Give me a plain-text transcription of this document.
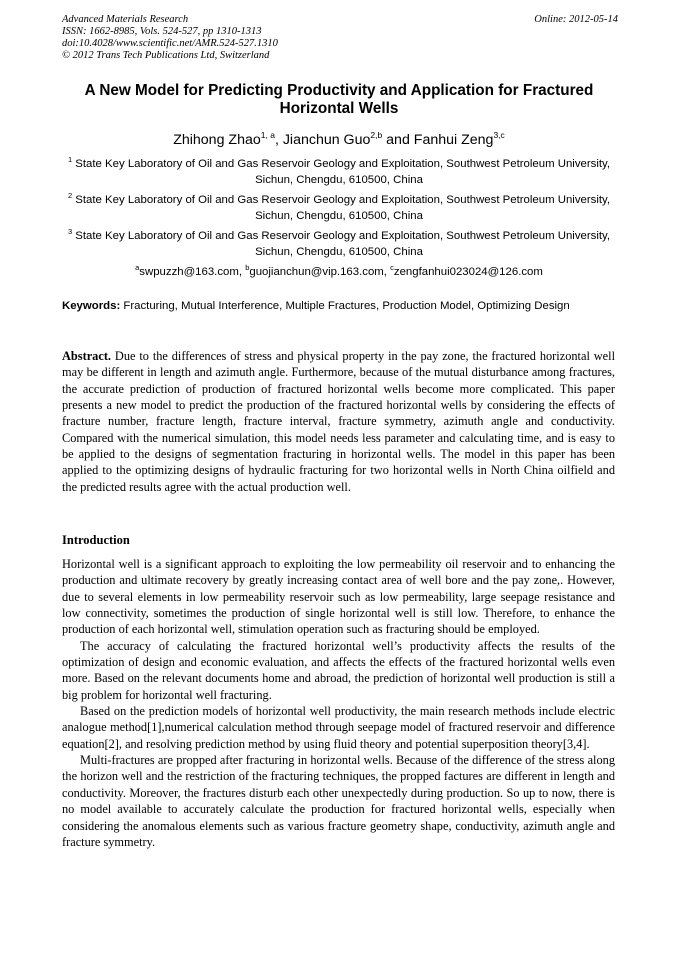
Advanced Materials Research
ISSN: 1662-8985, Vols. 524-527, pp 1310-1313
doi:10.4028/www.scientific.net/AMR.524-527.1310
© 2012 Trans Tech Publications Ltd, Switzerland
Online: 2012-05-14
A New Model for Predicting Productivity and Application for Fractured Horizontal Wells
Zhihong Zhao$^{1, a}$, Jianchun Guo$^{2,b}$ and Fanhui Zeng$^{3,c}$
$^1$ State Key Laboratory of Oil and Gas Reservoir Geology and Exploitation, Southwest Petroleum University, Sichun, Chengdu, 610500, China
$^2$ State Key Laboratory of Oil and Gas Reservoir Geology and Exploitation, Southwest Petroleum University, Sichun, Chengdu, 610500, China
$^3$ State Key Laboratory of Oil and Gas Reservoir Geology and Exploitation, Southwest Petroleum University, Sichun, Chengdu, 610500, China
$^a$swpuzzh@163.com, $^b$guojianchun@vip.163.com, $^c$zengfanhui023024@126.com
Keywords: Fracturing, Mutual Interference, Multiple Fractures, Production Model, Optimizing Design
Abstract. Due to the differences of stress and physical property in the pay zone, the fractured horizontal well may be different in length and azimuth angle. Furthermore, because of the mutual disturbance among fractures, the accurate prediction of production of fractured horizontal wells become more complicated. This paper presents a new model to predict the production of the fractured horizontal wells by considering the effects of fracture number, fracture length, fracture interval, fracture symmetry, azimuth angle and conductivity. Compared with the numerical simulation, this model needs less parameter and calculating time, and is easy to be applied to the designs of segmentation fracturing in horizontal wells. The model in this paper has been applied to the optimizing designs of hydraulic fracturing for two horizontal wells in North China oilfield and the predicted results agree with the actual production well.
Introduction

Horizontal well is a significant approach to exploiting the low permeability oil reservoir and to enhancing the production and ultimate recovery by greatly increasing contact area of well bore and the pay zone,. However, due to several elements in low permeability reservoir such as low permeability, large seepage resistance and low connectivity, sometimes the production of single horizontal well is still low. Therefore, to enhance the production of each horizontal well, stimulation operation such as fracturing should be employed.

The accuracy of calculating the fractured horizontal well’s productivity affects the results of the optimization of design and economic evaluation, and affects the effects of the fractured horizontal wells even more. Based on the relevant documents home and abroad, the prediction of horizontal well production is still a big problem for horizontal well fracturing.

Based on the prediction models of horizontal well productivity, the main research methods include electric analogue method[1],numerical calculation method through seepage model of fractured reservoir and difference equation[2], and resolving prediction method by using fluid theory and potential superposition theory[3,4].

Multi-fractures are propped after fracturing in horizontal wells. Because of the difference of the stress along the horizon well and the restriction of the fracturing techniques, the propped factures are different in length and conductivity. Moreover, the fractures disturb each other unexpectedly during production. So up to now, there is no model available to accurately calculate the production for fractured horizontal wells, especially when considering the anomalous elements such as various fracture geometry shape, conductivity, azimuth angle and fracture symmetry.
